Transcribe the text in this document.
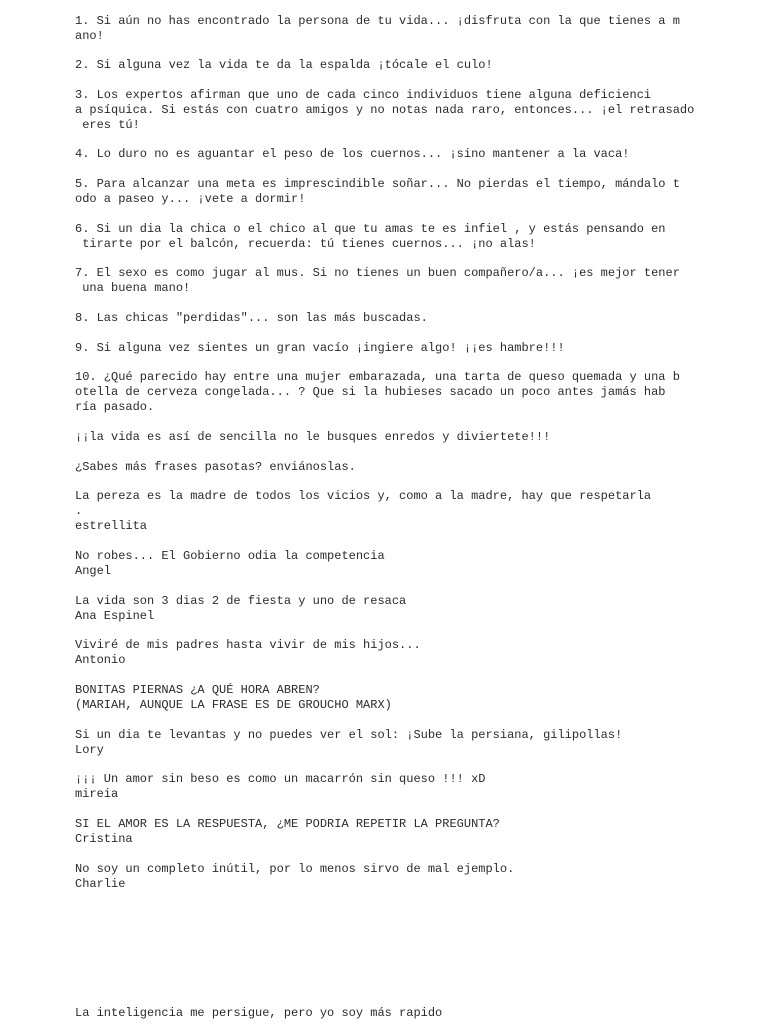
1. Si aún no has encontrado la persona de tu vida... ¡disfruta con la que tienes a m

ano!

2. Si alguna vez la vida te da la espalda ¡tócale el culo!

3. Los expertos afirman que uno de cada cinco individuos tiene alguna deficienci

a psíquica. Si estás con cuatro amigos y no notas nada raro, entonces... ¡el retrasado

eres tú!

4. Lo duro no es aguantar el peso de los cuernos... ¡sino mantener a la vaca!

5. Para alcanzar una meta es imprescindible soñar... No pierdas el tiempo, mándalo t

odo a paseo y... ¡vete a dormir!

6. Si un dia la chica o el chico al que tu amas te es infiel , y estás pensando en

tirarte por el balcón, recuerda: tú tienes cuernos... ¡no alas!

7. El sexo es como jugar al mus. Si no tienes un buen compañero/a... ¡es mejor tener

una buena mano!

8. Las chicas "perdidas"... son las más buscadas.

9. Si alguna vez sientes un gran vacío ¡ingiere algo! ¡¡es hambre!!!

10. ¿Qué parecido hay entre una mujer embarazada, una tarta de queso quemada y una b

otella de cerveza congelada... ? Que si la hubieses sacado un poco antes jamás hab

ría pasado.

¡¡la vida es así de sencilla no le busques enredos y diviertete!!!

¿Sabes más frases pasotas? enviánoslas.

La pereza es la madre de todos los vicios y, como a la madre, hay que respetarla

.

estrellita

No robes... El Gobierno odia la competencia

Angel

La vida son 3 dias 2 de fiesta y uno de resaca

Ana Espinel

Viviré de mis padres hasta vivir de mis hijos...

Antonio

BONITAS PIERNAS ¿A QUÉ HORA ABREN?

(MARIAH, AUNQUE LA FRASE ES DE GROUCHO MARX)

Si un dia te levantas y no puedes ver el sol: ¡Sube la persiana, gilipollas!

Lory

¡¡¡ Un amor sin beso es como un macarrón sin queso !!! xD

mireia

SI EL AMOR ES LA RESPUESTA, ¿ME PODRIA REPETIR LA PREGUNTA?

Cristina

No soy un completo inútil, por lo menos sirvo de mal ejemplo.

Charlie

La inteligencia me persigue, pero yo soy más rapido
